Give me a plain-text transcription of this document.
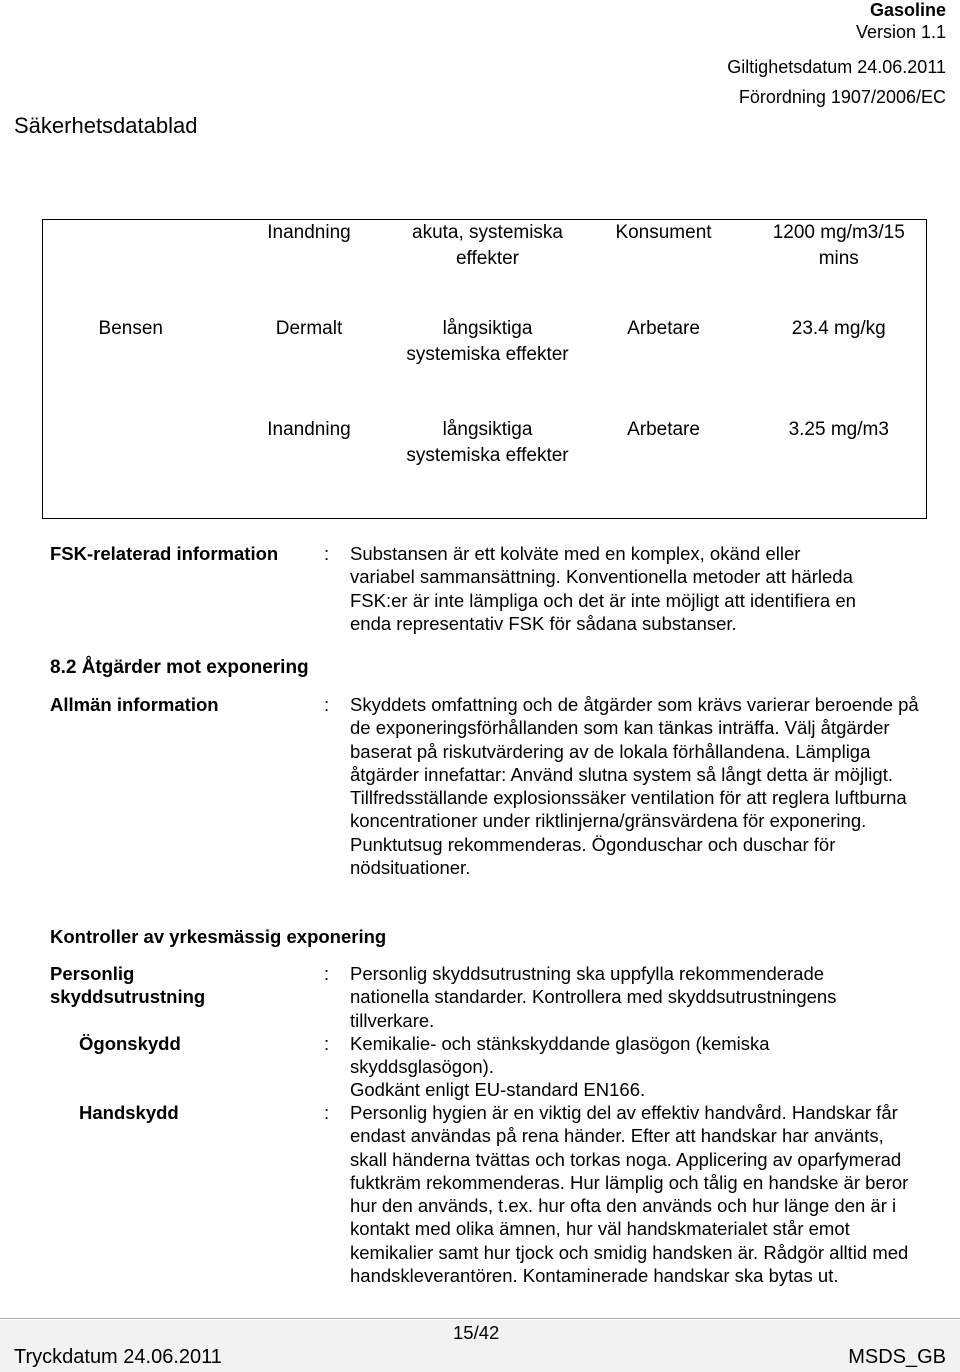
Gasoline
Version 1.1
Giltighetsdatum 24.06.2011
Förordning 1907/2006/EC
Säkerhetsdatablad
	Inandning	akuta, systemiska effekter	Konsument	1200 mg/m3/15 mins
Bensen	Dermalt	långsiktiga systemiska effekter	Arbetare	23.4 mg/kg
	Inandning	långsiktiga systemiska effekter	Arbetare	3.25 mg/m3
FSK-relaterad information : Substansen är ett kolväte med en komplex, okänd eller variabel sammansättning. Konventionella metoder att härleda FSK:er är inte lämpliga och det är inte möjligt att identifiera en enda representativ FSK för sådana substanser.
8.2 Åtgärder mot exponering
Allmän information	: Skyddets omfattning och de åtgärder som krävs varierar beroende på de exponeringsförhållanden som kan tänkas inträffa. Välj åtgärder baserat på riskutvärdering av de lokala förhållandena. Lämpliga åtgärder innefattar: Använd slutna system så långt detta är möjligt. Tillfredsställande explosionssäker ventilation för att reglera luftburna koncentrationer under riktlinjerna/gränsvärdena för exponering. Punktutsug rekommenderas. Ögonduschar och duschar för nödsituationer.
Kontroller av yrkesmässig exponering
Personlig skyddsutrustning
: Personlig skyddsutrustning ska uppfylla rekommenderade nationella standarder. Kontrollera med skyddsutrustningens tillverkare.
Ögonskydd	: Kemikalie- och stänkskyddande glasögon (kemiska skyddsglasögon).
Godkänt enligt EU-standard EN166.
Handskydd	: Personlig hygien är en viktig del av effektiv handvård. Handskar får endast användas på rena händer. Efter att handskar har använts, skall händerna tvättas och torkas noga. Applicering av oparfymerad fuktkräm rekommenderas. Hur lämplig och tålig en handske är beror hur den används, t.ex. hur ofta den används och hur länge den är i kontakt med olika ämnen, hur väl handskmaterialet står emot kemikalier samt hur tjock och smidig handsken är. Rådgör alltid med handskleverantören. Kontaminerade handskar ska bytas ut.
15/42
Tryckdatum 24.06.2011	MSDS_GB
